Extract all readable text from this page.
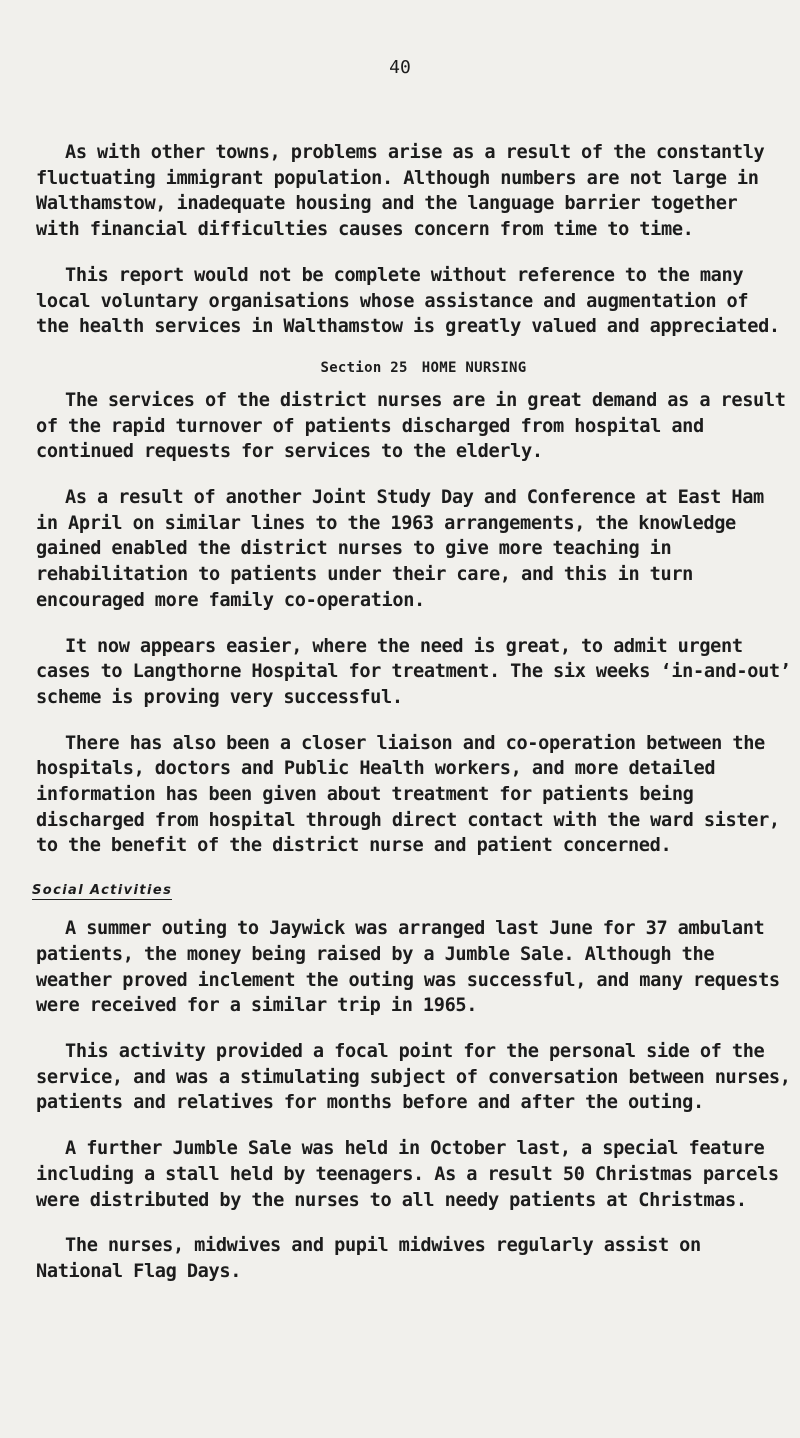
40

As with other towns, problems arise as a result of the constantly fluctuating immigrant population. Although numbers are not large in Walthamstow, inadequate housing and the language barrier together with financial difficulties causes concern from time to time.

This report would not be complete without reference to the many local voluntary organisations whose assistance and augmentation of the health services in Walthamstow is greatly valued and appreciated.

Section 25 HOME NURSING

The services of the district nurses are in great demand as a result of the rapid turnover of patients discharged from hospital and continued requests for services to the elderly.

As a result of another Joint Study Day and Conference at East Ham in April on similar lines to the 1963 arrangements, the knowledge gained enabled the district nurses to give more teaching in rehabilitation to patients under their care, and this in turn encouraged more family co-operation.

It now appears easier, where the need is great, to admit urgent cases to Langthorne Hospital for treatment. The six weeks ‘in-and-out’ scheme is proving very successful.

There has also been a closer liaison and co-operation between the hospitals, doctors and Public Health workers, and more detailed information has been given about treatment for patients being discharged from hospital through direct contact with the ward sister, to the benefit of the district nurse and patient concerned.

Social Activities

A summer outing to Jaywick was arranged last June for 37 ambulant patients, the money being raised by a Jumble Sale. Although the weather proved inclement the outing was successful, and many requests were received for a similar trip in 1965.

This activity provided a focal point for the personal side of the service, and was a stimulating subject of conversation between nurses, patients and relatives for months before and after the outing.

A further Jumble Sale was held in October last, a special feature including a stall held by teenagers. As a result 50 Christmas parcels were distributed by the nurses to all needy patients at Christmas.

The nurses, midwives and pupil midwives regularly assist on National Flag Days.
